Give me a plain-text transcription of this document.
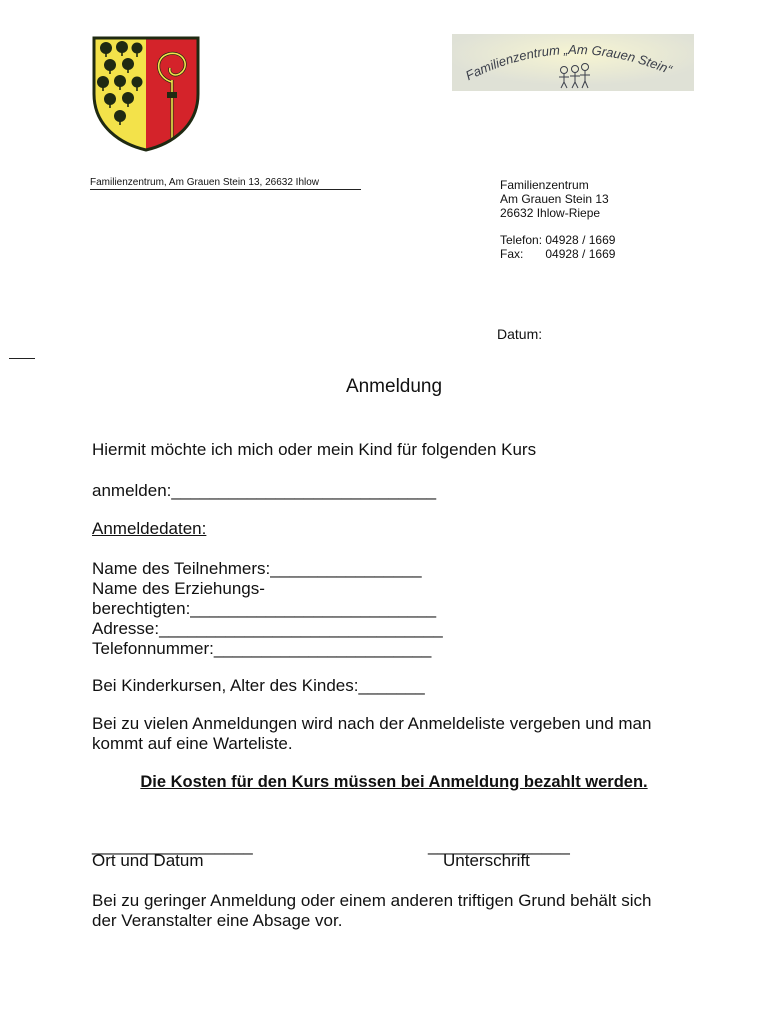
Familienzentrum „Am Grauen Stein“
Familienzentrum, Am Grauen Stein 13, 26632 Ihlow	Familienzentrum
Am Grauen Stein 13
26632 Ihlow-Riepe
Telefon: 04928 / 1669
Fax: 04928 / 1669
Datum:
Anmeldung
Hiermit möchte ich mich oder mein Kind für folgenden Kurs
anmelden:____________________________
Anmeldedaten:
Name des Teilnehmers:________________
Name des Erziehungs-
berechtigten:__________________________
Adresse:______________________________
Telefonnummer:_______________________
Bei Kinderkursen, Alter des Kindes:_______
Bei zu vielen Anmeldungen wird nach der Anmeldeliste vergeben und man
kommt auf eine Warteliste.
Die Kosten für den Kurs müssen bei Anmeldung bezahlt werden.
_________________	_______________
Ort und Datum	Unterschrift
Bei zu geringer Anmeldung oder einem anderen triftigen Grund behält sich
der Veranstalter eine Absage vor.
